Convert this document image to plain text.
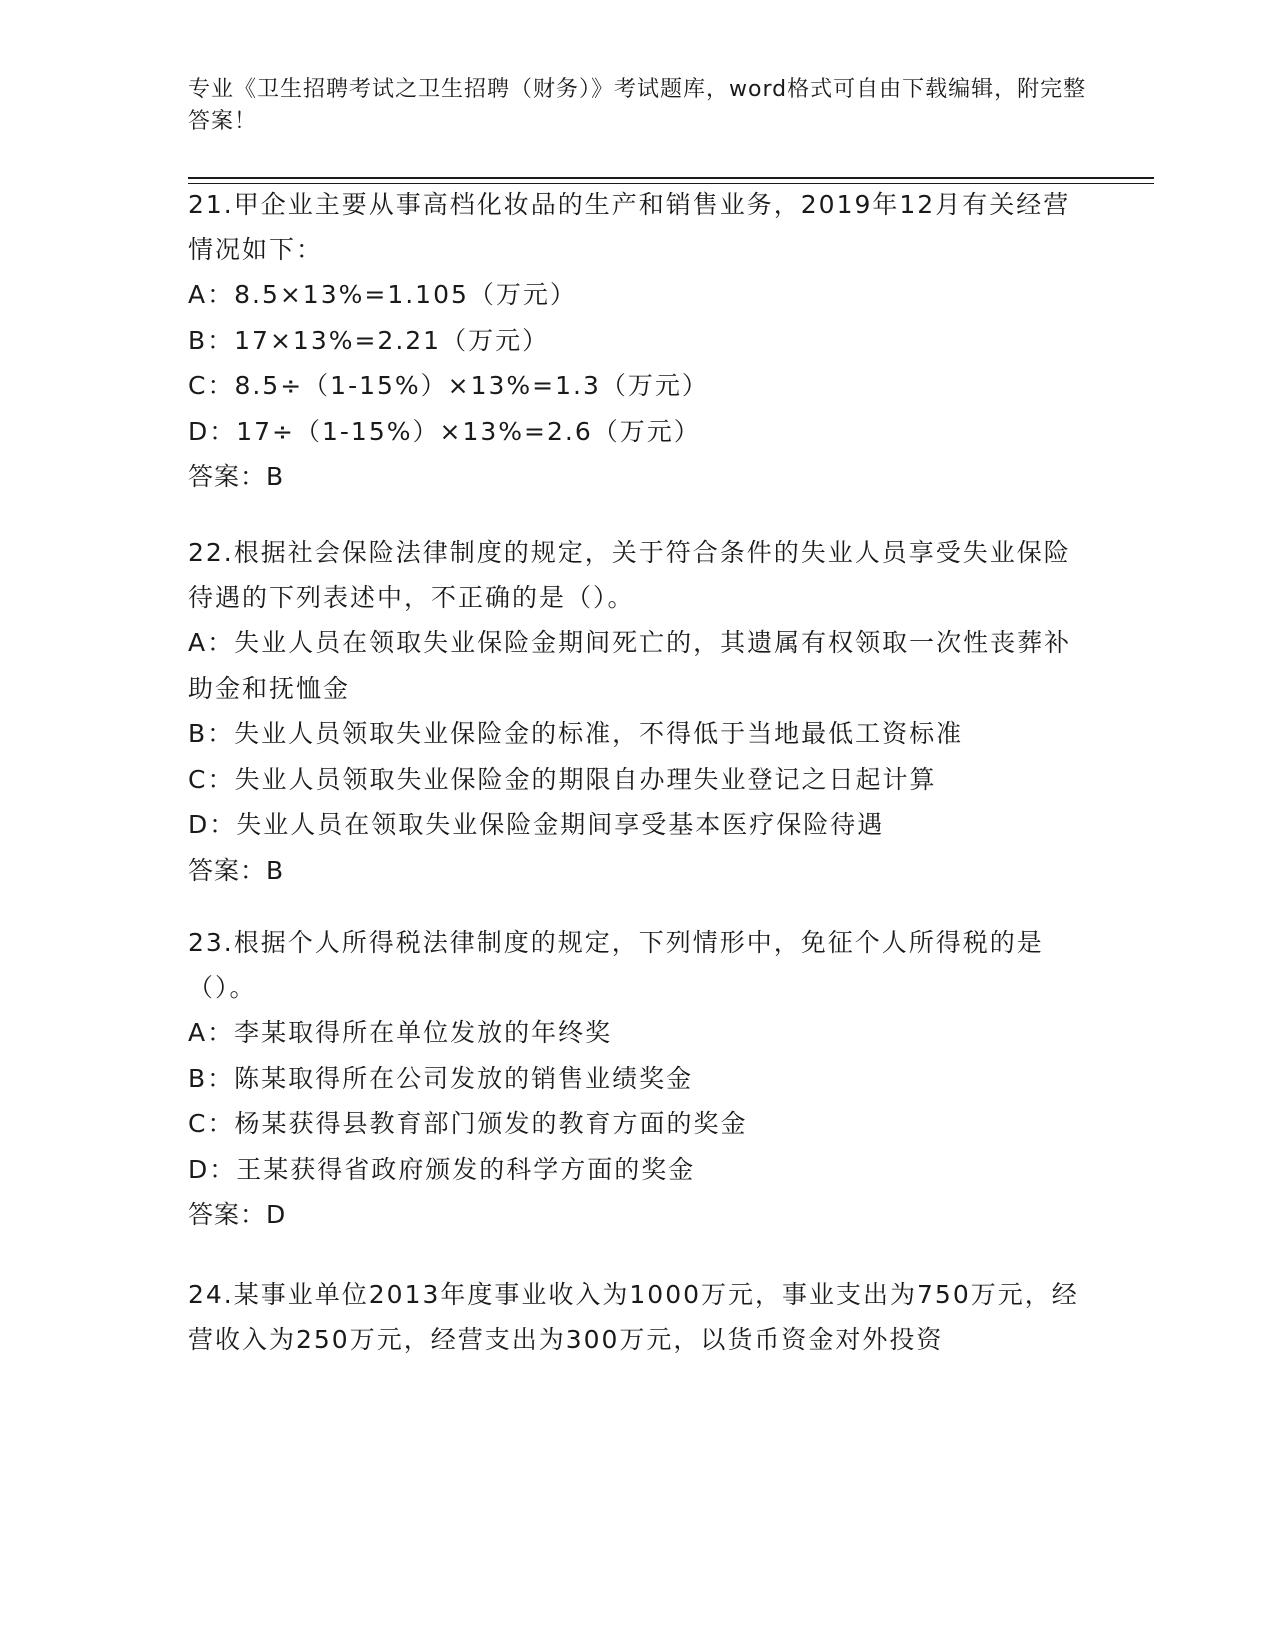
专业《卫生招聘考试之卫生招聘（财务）》考试题库，word格式可自由下载编辑，附完整答案！
21.甲企业主要从事高档化妆品的生产和销售业务，2019年12月有关经营情况如下：
A：8.5×13%=1.105（万元）
B：17×13%=2.21（万元）
C：8.5÷（1-15%）×13%=1.3（万元）
D：17÷（1-15%）×13%=2.6（万元）
答案：B
22.根据社会保险法律制度的规定，关于符合条件的失业人员享受失业保险待遇的下列表述中，不正确的是（）。
A：失业人员在领取失业保险金期间死亡的，其遗属有权领取一次性丧葬补助金和抚恤金
B：失业人员领取失业保险金的标准，不得低于当地最低工资标准
C：失业人员领取失业保险金的期限自办理失业登记之日起计算
D：失业人员在领取失业保险金期间享受基本医疗保险待遇
答案：B
23.根据个人所得税法律制度的规定，下列情形中，免征个人所得税的是（）。
A：李某取得所在单位发放的年终奖
B：陈某取得所在公司发放的销售业绩奖金
C：杨某获得县教育部门颁发的教育方面的奖金
D：王某获得省政府颁发的科学方面的奖金
答案：D
24.某事业单位2013年度事业收入为1000万元，事业支出为750万元，经营收入为250万元，经营支出为300万元，以货币资金对外投资
